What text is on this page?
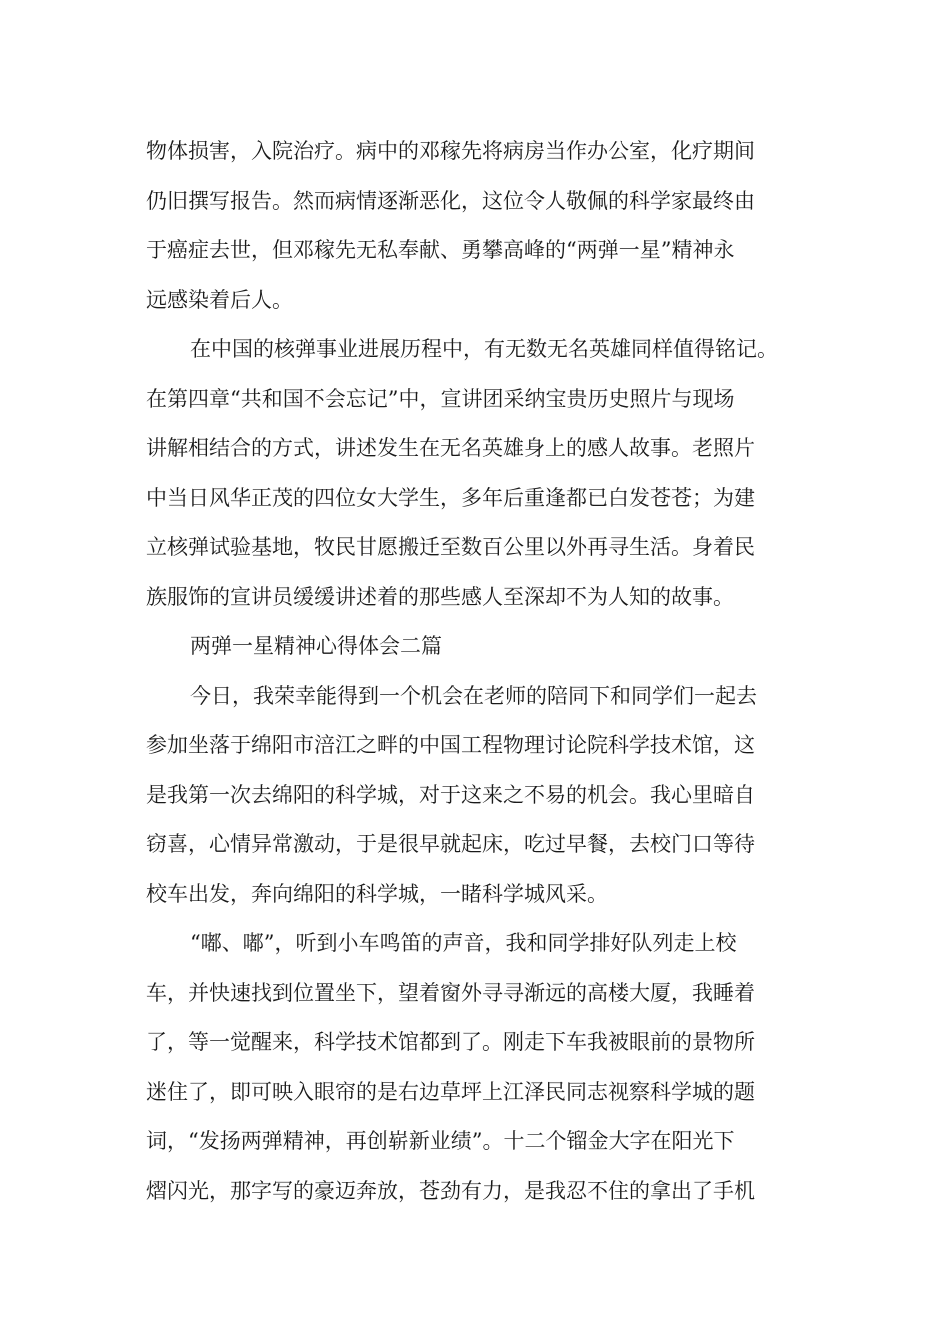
物体损害，入院治疗。病中的邓稼先将病房当作办公室，化疗期间
仍旧撰写报告。然而病情逐渐恶化，这位令人敬佩的科学家最终由
于癌症去世，但邓稼先无私奉献、勇攀高峰的“两弹一星”精神永
远感染着后人。
在中国的核弹事业进展历程中，有无数无名英雄同样值得铭记。
在第四章“共和国不会忘记”中，宣讲团采纳宝贵历史照片与现场
讲解相结合的方式，讲述发生在无名英雄身上的感人故事。老照片
中当日风华正茂的四位女大学生，多年后重逢都已白发苍苍；为建
立核弹试验基地，牧民甘愿搬迁至数百公里以外再寻生活。身着民
族服饰的宣讲员缓缓讲述着的那些感人至深却不为人知的故事。
两弹一星精神心得体会二篇
今日，我荣幸能得到一个机会在老师的陪同下和同学们一起去
参加坐落于绵阳市涪江之畔的中国工程物理讨论院科学技术馆，这
是我第一次去绵阳的科学城，对于这来之不易的机会。我心里暗自
窃喜，心情异常激动，于是很早就起床，吃过早餐，去校门口等待
校车出发，奔向绵阳的科学城，一睹科学城风采。
“嘟、嘟”，听到小车鸣笛的声音，我和同学排好队列走上校
车，并快速找到位置坐下，望着窗外寻寻渐远的高楼大厦，我睡着
了，等一觉醒来，科学技术馆都到了。刚走下车我被眼前的景物所
迷住了，即可映入眼帘的是右边草坪上江泽民同志视察科学城的题
词，“发扬两弹精神，再创崭新业绩”。十二个镏金大字在阳光下
熠闪光，那字写的豪迈奔放，苍劲有力，是我忍不住的拿出了手机
